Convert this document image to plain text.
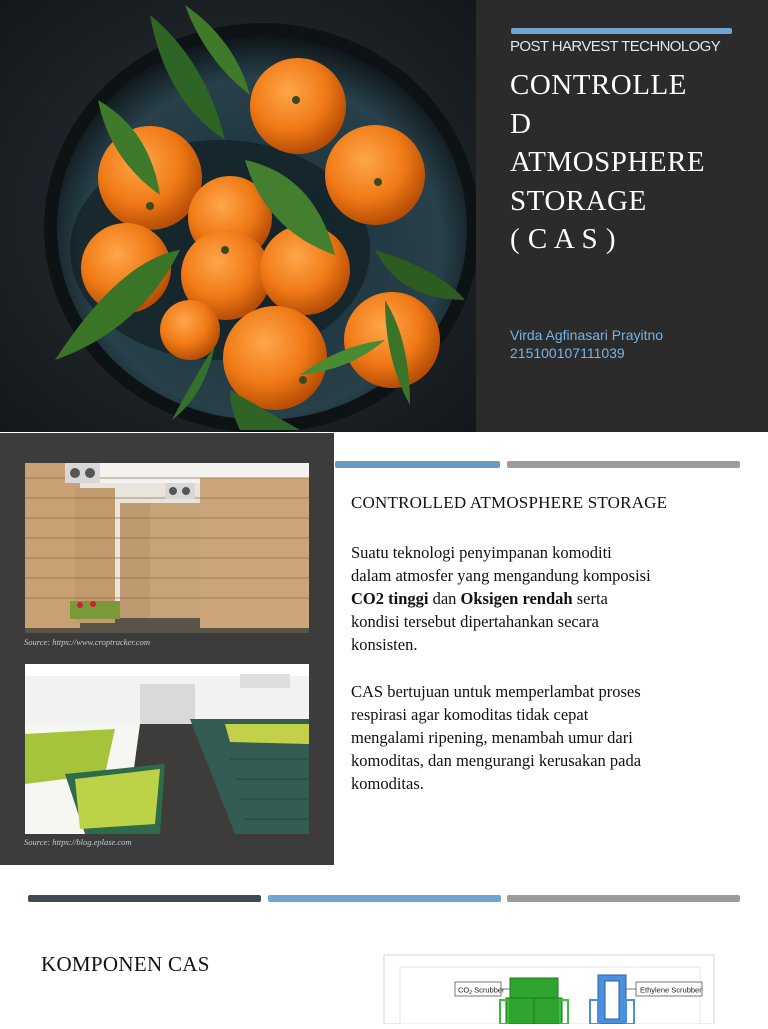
POST HARVEST TECHNOLOGY
CONTROLLE
D
ATMOSPHERE
STORAGE
( C A S )
Virda Agfinasari Prayitno
215100107111039
Source: https://www.croptracker.com
Source: https://blog.eplase.com
CONTROLLED ATMOSPHERE STORAGE
Suatu teknologi penyimpanan komoditi
dalam atmosfer yang mengandung komposisi
CO2 tinggi dan Oksigen rendah serta
kondisi tersebut dipertahankan secara
konsisten.
CAS bertujuan untuk memperlambat proses
respirasi agar komoditas tidak cepat
mengalami ripening, menambah umur dari
komoditas, dan mengurangi kerusakan pada
komoditas.
KOMPONEN CAS
$CO_2$ Scrubber	Ethylene Scrubber
